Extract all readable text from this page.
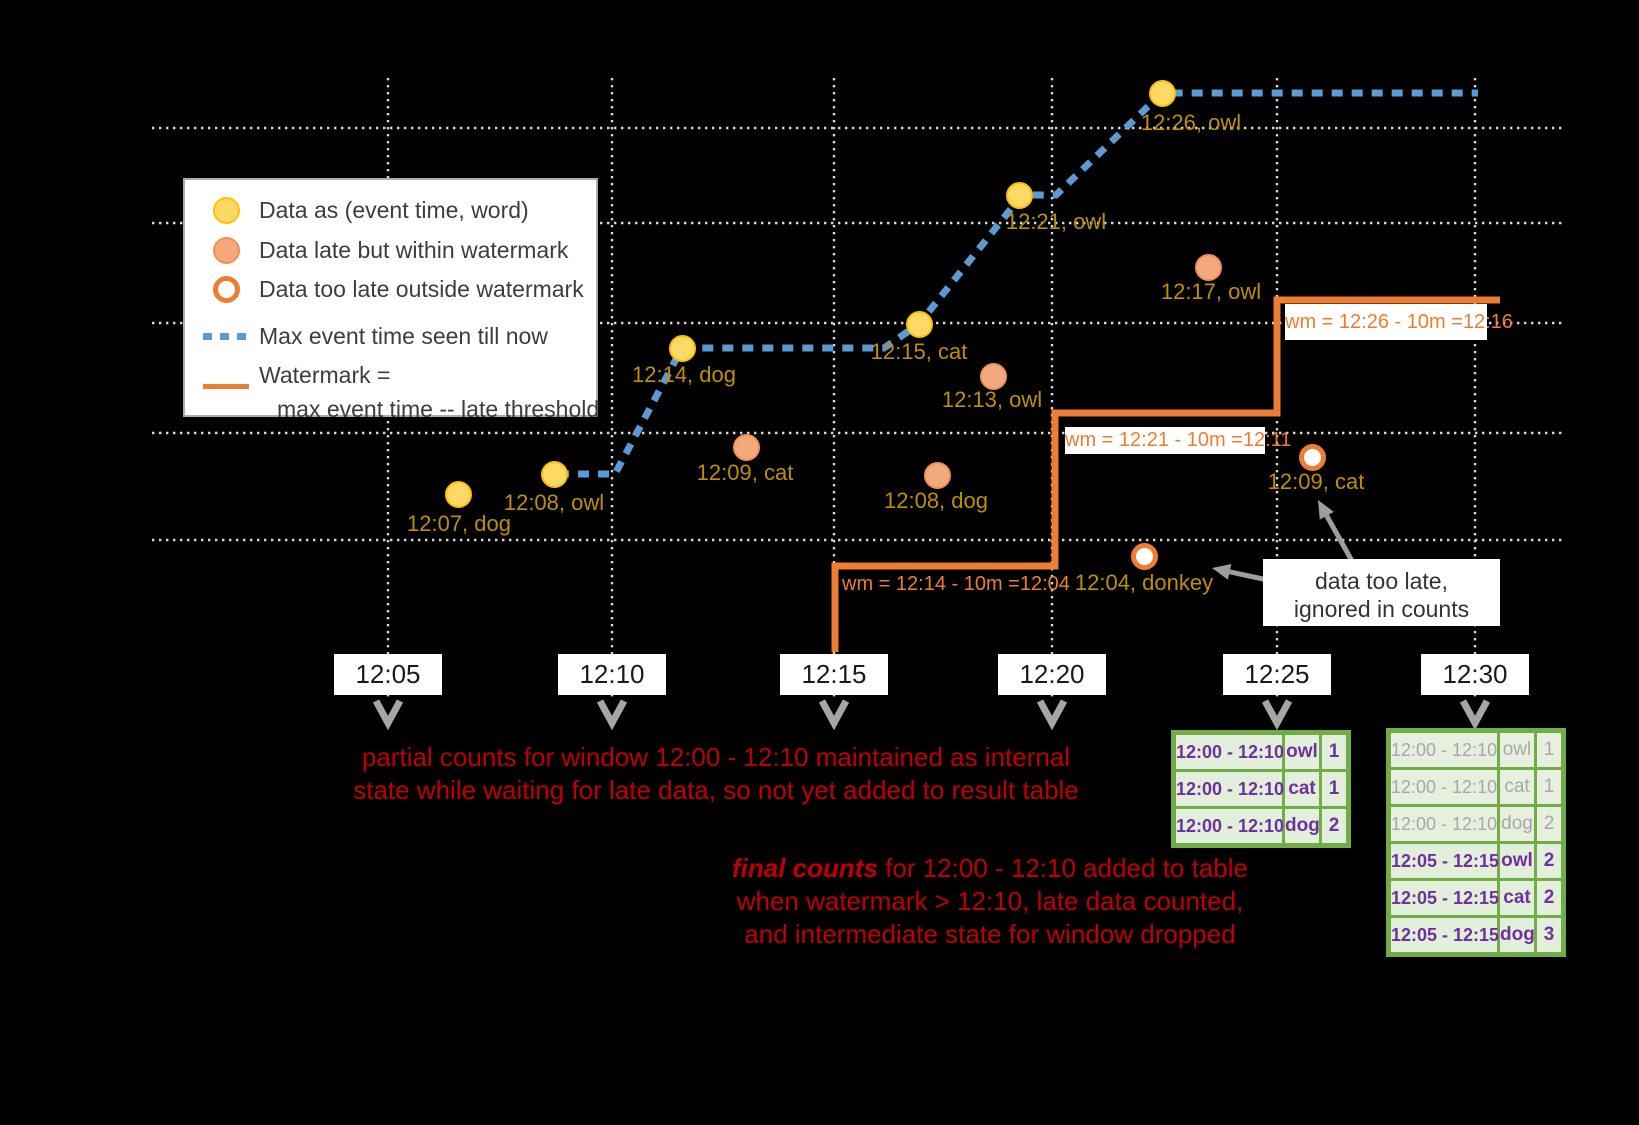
Data as (event time, word)
Data late but within watermark
Data too late outside watermark
Max event time seen till now
Watermark =
max event time -- late threshold
partial counts for window 12:00 - 12:10 maintained as internal
state while waiting for late data, so not yet added to result table
final counts for 12:00 - 12:10 added to table
when watermark > 12:10, late data counted,
and intermediate state for window dropped
data too late,
ignored in counts
12:05	12:10	12:15	12:20	12:25	12:30
12:07, dog
12:08, owl
12:14, dog
12:09, cat
12:15, cat
12:13, owl
12:08, dog
12:21, owl
12:26, owl
12:17, owl
12:04, donkey
12:09, cat
wm = 12:14 - 10m =12:04
wm = 12:21 - 10m =12:11
wm = 12:26 - 10m =12:16
12:00 - 12:10 owl 1
12:00 - 12:10 cat 1
12:00 - 12:10 dog 2
12:00 - 12:10 owl 1
12:00 - 12:10 cat 1
12:00 - 12:10 dog 2
12:05 - 12:15 owl 2
12:05 - 12:15 cat 2
12:05 - 12:15 dog 3
